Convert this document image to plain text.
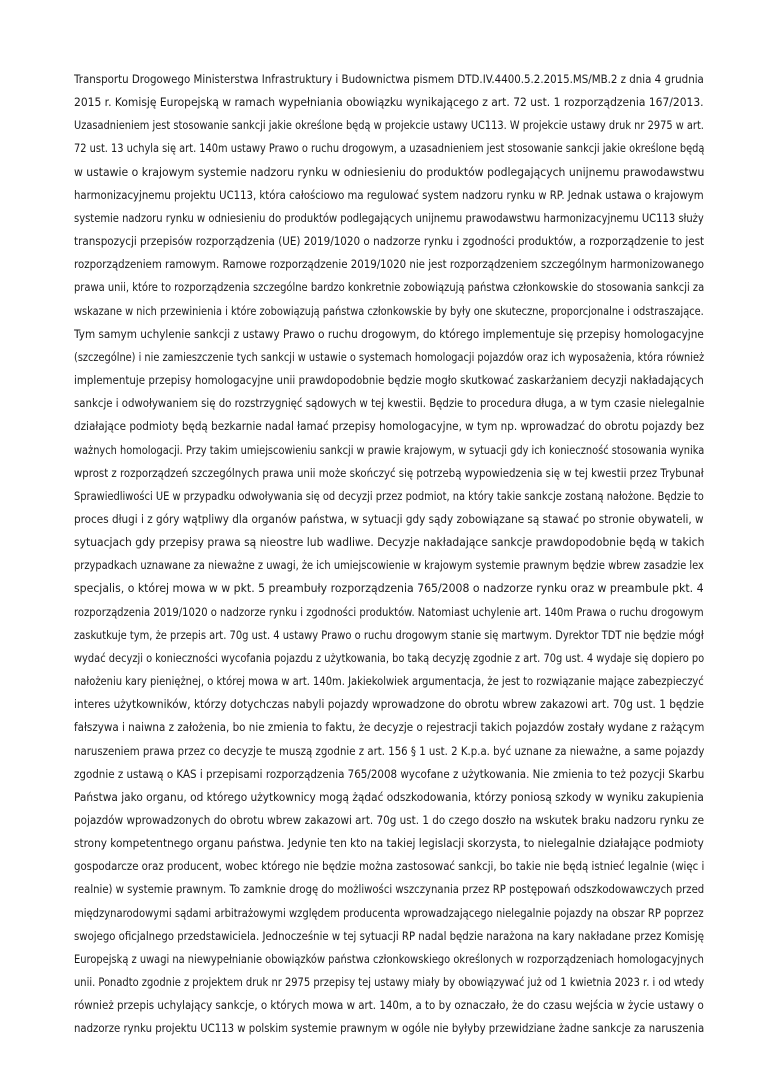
Transportu Drogowego Ministerstwa Infrastruktury i Budownictwa pismem DTD.IV.4400.5.2.2015.MS/MB.2 z dnia 4 grudnia
2015 r. Komisję Europejską w ramach wypełniania obowiązku wynikającego z art. 72 ust. 1 rozporządzenia 167/2013.
Uzasadnieniem jest stosowanie sankcji jakie określone będą w projekcie ustawy UC113. W projekcie ustawy druk nr 2975 w art.
72 ust. 13 uchyla się art. 140m ustawy Prawo o ruchu drogowym, a uzasadnieniem jest stosowanie sankcji jakie określone będą
w ustawie o krajowym systemie nadzoru rynku w odniesieniu do produktów podlegających unijnemu prawodawstwu
harmonizacyjnemu projektu UC113, która całościowo ma regulować system nadzoru rynku w RP. Jednak ustawa o krajowym
systemie nadzoru rynku w odniesieniu do produktów podlegających unijnemu prawodawstwu harmonizacyjnemu UC113 służy
transpozycji przepisów rozporządzenia (UE) 2019/1020 o nadzorze rynku i zgodności produktów, a rozporządzenie to jest
rozporządzeniem ramowym. Ramowe rozporządzenie 2019/1020 nie jest rozporządzeniem szczególnym harmonizowanego
prawa unii, które to rozporządzenia szczególne bardzo konkretnie zobowiązują państwa członkowskie do stosowania sankcji za
wskazane w nich przewinienia i które zobowiązują państwa członkowskie by były one skuteczne, proporcjonalne i odstraszające.
Tym samym uchylenie sankcji z ustawy Prawo o ruchu drogowym, do którego implementuje się przepisy homologacyjne
(szczególne) i nie zamieszczenie tych sankcji w ustawie o systemach homologacji pojazdów oraz ich wyposażenia, która również
implementuje przepisy homologacyjne unii prawdopodobnie będzie mogło skutkować zaskarżaniem decyzji nakładających
sankcje i odwoływaniem się do rozstrzygnięć sądowych w tej kwestii. Będzie to procedura długa, a w tym czasie nielegalnie
działające podmioty będą bezkarnie nadal łamać przepisy homologacyjne, w tym np. wprowadzać do obrotu pojazdy bez
ważnych homologacji. Przy takim umiejscowieniu sankcji w prawie krajowym, w sytuacji gdy ich konieczność stosowania wynika
wprost z rozporządzeń szczególnych prawa unii może skończyć się potrzebą wypowiedzenia się w tej kwestii przez Trybunał
Sprawiedliwości UE w przypadku odwoływania się od decyzji przez podmiot, na który takie sankcje zostaną nałożone. Będzie to
proces długi i z góry wątpliwy dla organów państwa, w sytuacji gdy sądy zobowiązane są stawać po stronie obywateli, w
sytuacjach gdy przepisy prawa są nieostre lub wadliwe. Decyzje nakładające sankcje prawdopodobnie będą w takich
przypadkach uznawane za nieważne z uwagi, że ich umiejscowienie w krajowym systemie prawnym będzie wbrew zasadzie lex
specjalis, o której mowa w w pkt. 5 preambuły rozporządzenia 765/2008 o nadzorze rynku oraz w preambule pkt. 4
rozporządzenia 2019/1020 o nadzorze rynku i zgodności produktów. Natomiast uchylenie art. 140m Prawa o ruchu drogowym
zaskutkuje tym, że przepis art. 70g ust. 4 ustawy Prawo o ruchu drogowym stanie się martwym. Dyrektor TDT nie będzie mógł
wydać decyzji o konieczności wycofania pojazdu z użytkowania, bo taką decyzję zgodnie z art. 70g ust. 4 wydaje się dopiero po
nałożeniu kary pieniężnej, o której mowa w art. 140m. Jakiekolwiek argumentacja, że jest to rozwiązanie mające zabezpieczyć
interes użytkowników, którzy dotychczas nabyli pojazdy wprowadzone do obrotu wbrew zakazowi art. 70g ust. 1 będzie
fałszywa i naiwna z założenia, bo nie zmienia to faktu, że decyzje o rejestracji takich pojazdów zostały wydane z rażącym
naruszeniem prawa przez co decyzje te muszą zgodnie z art. 156 § 1 ust. 2 K.p.a. być uznane za nieważne, a same pojazdy
zgodnie z ustawą o KAS i przepisami rozporządzenia 765/2008 wycofane z użytkowania. Nie zmienia to też pozycji Skarbu
Państwa jako organu, od którego użytkownicy mogą żądać odszkodowania, którzy poniosą szkody w wyniku zakupienia
pojazdów wprowadzonych do obrotu wbrew zakazowi art. 70g ust. 1 do czego doszło na wskutek braku nadzoru rynku ze
strony kompetentnego organu państwa. Jedynie ten kto na takiej legislacji skorzysta, to nielegalnie działające podmioty
gospodarcze oraz producent, wobec którego nie będzie można zastosować sankcji, bo takie nie będą istnieć legalnie (więc i
realnie) w systemie prawnym. To zamknie drogę do możliwości wszczynania przez RP postępowań odszkodowawczych przed
międzynarodowymi sądami arbitrażowymi względem producenta wprowadzającego nielegalnie pojazdy na obszar RP poprzez
swojego oficjalnego przedstawiciela. Jednocześnie w tej sytuacji RP nadal będzie narażona na kary nakładane przez Komisję
Europejską z uwagi na niewypełnianie obowiązków państwa członkowskiego określonych w rozporządzeniach homologacyjnych
unii. Ponadto zgodnie z projektem druk nr 2975 przepisy tej ustawy miały by obowiązywać już od 1 kwietnia 2023 r. i od wtedy
również przepis uchylający sankcje, o których mowa w art. 140m, a to by oznaczało, że do czasu wejścia w życie ustawy o
nadzorze rynku projektu UC113 w polskim systemie prawnym w ogóle nie byłyby przewidziane żadne sankcje za naruszenia
